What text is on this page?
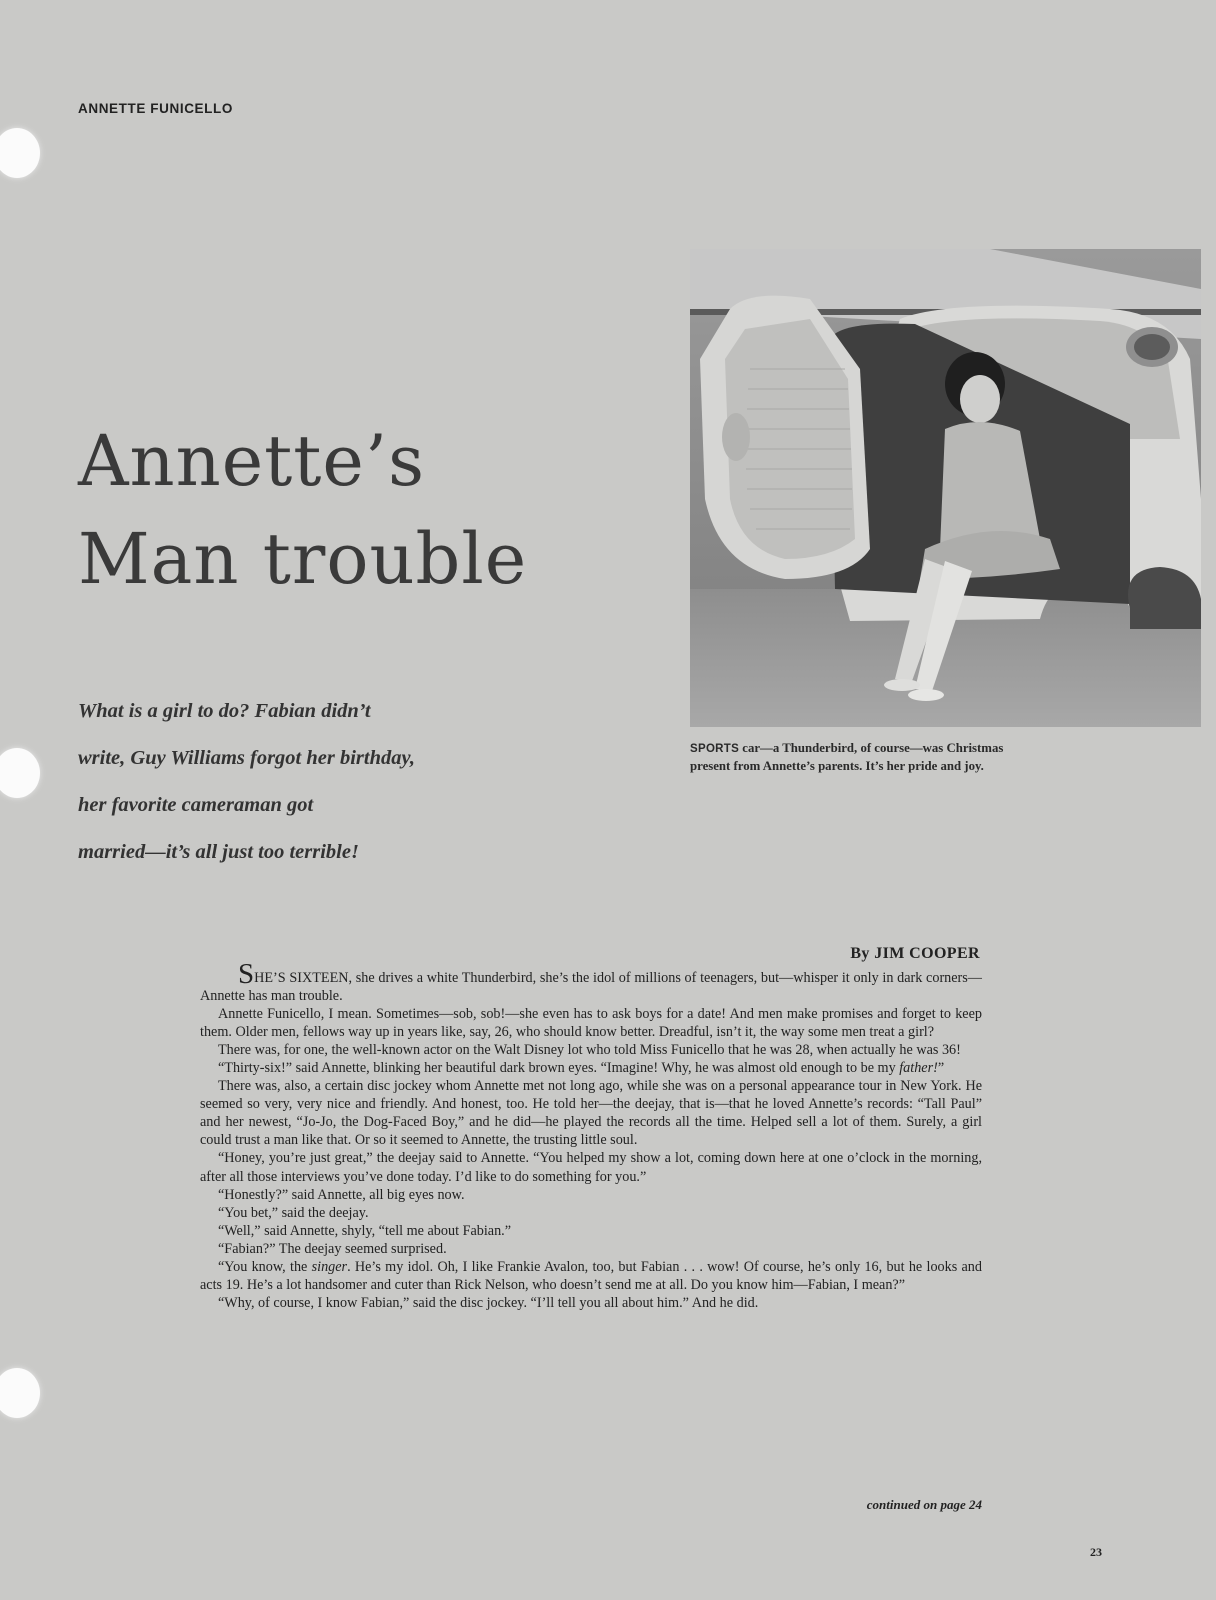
ANNETTE FUNICELLO
Annette’s
Man trouble
What is a girl to do? Fabian didn’t
write, Guy Williams forgot her birthday,
her favorite cameraman got
married—it’s all just too terrible!
SPORTS car—a Thunderbird, of course—was Christmas
present from Annette’s parents. It’s her pride and joy.
By JIM COOPER

SHE’S SIXTEEN, she drives a white Thunderbird, she’s the idol of millions of teenagers, but—whisper it only in dark corners—Annette has man trouble.

Annette Funicello, I mean. Sometimes—sob, sob!—she even has to ask boys for a date! And men make promises and forget to keep them. Older men, fellows way up in years like, say, 26, who should know better. Dreadful, isn’t it, the way some men treat a girl?

There was, for one, the well-known actor on the Walt Disney lot who told Miss Funicello that he was 28, when actually he was 36!

“Thirty-six!” said Annette, blinking her beautiful dark brown eyes. “Imagine! Why, he was almost old enough to be my father!”

There was, also, a certain disc jockey whom Annette met not long ago, while she was on a personal appearance tour in New York. He seemed so very, very nice and friendly. And honest, too. He told her—the deejay, that is—that he loved Annette’s records: “Tall Paul” and her newest, “Jo-Jo, the Dog-Faced Boy,” and he did—he played the records all the time. Helped sell a lot of them. Surely, a girl could trust a man like that. Or so it seemed to Annette, the trusting little soul.

“Honey, you’re just great,” the deejay said to Annette. “You helped my show a lot, coming down here at one o’clock in the morning, after all those interviews you’ve done today. I’d like to do something for you.”

“Honestly?” said Annette, all big eyes now.

“You bet,” said the deejay.

“Well,” said Annette, shyly, “tell me about Fabian.”

“Fabian?” The deejay seemed surprised.

“You know, the singer. He’s my idol. Oh, I like Frankie Avalon, too, but Fabian . . . wow! Of course, he’s only 16, but he looks and acts 19. He’s a lot handsomer and cuter than Rick Nelson, who doesn’t send me at all. Do you know him—Fabian, I mean?”

“Why, of course, I know Fabian,” said the disc jockey. “I’ll tell you all about him.” And he did.

continued on page 24
23
